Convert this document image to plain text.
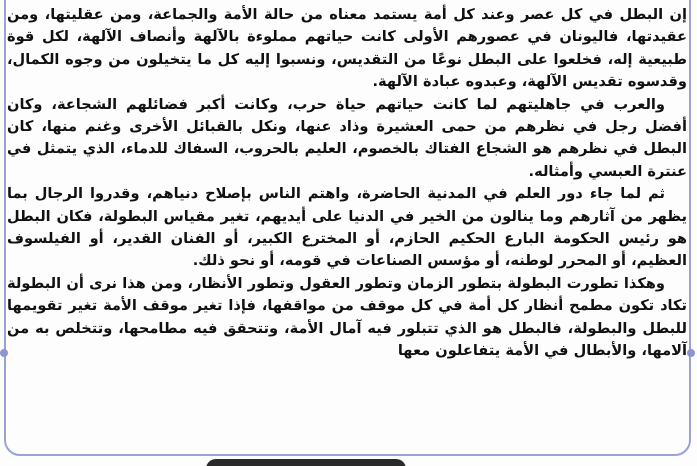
إن البطل في كل عصر وعند كل أمة يستمد معناه من حالة الأمة والجماعة، ومن عقليتها، ومن عقيدتها، فاليونان في عصورهم الأولى كانت حياتهم مملوءة بالآلهة وأنصاف الآلهة، لكل قوة طبيعية إله، فخلعوا على البطل نوعًا من التقديس، ونسبوا إليه كل ما يتخيلون من وجوه الكمال، وقدسوه تقديس الآلهة، وعبدوه عبادة الآلهة.

والعرب في جاهليتهم لما كانت حياتهم حياة حرب، وكانت أكبر فضائلهم الشجاعة، وكان أفضل رجل في نظرهم من حمى العشيرة وذاد عنها، ونكل بالقبائل الأخرى وغنم منها، كان البطل في نظرهم هو الشجاع الفتاك بالخصوم، العليم بالحروب، السفاك للدماء، الذي يتمثل في عنترة العبسي وأمثاله.

ثم لما جاء دور العلم في المدنية الحاضرة، واهتم الناس بإصلاح دنياهم، وقدروا الرجال بما يظهر من آثارهم وما ينالون من الخير في الدنيا على أيديهم، تغير مقياس البطولة، فكان البطل هو رئيس الحكومة البارع الحكيم الحازم، أو المخترع الكبير، أو الفنان القدير، أو الفيلسوف العظيم، أو المحرر لوطنه، أو مؤسس الصناعات في قومه، أو نحو ذلك.

وهكذا تطورت البطولة بتطور الزمان وتطور العقول وتطور الأنظار، ومن هذا نرى أن البطولة تكاد تكون مطمح أنظار كل أمة في كل موقف من مواقفها، فإذا تغير موقف الأمة تغير تقويمها للبطل والبطولة، فالبطل هو الذي تتبلور فيه آمال الأمة، وتتحقق فيه مطامحها، وتتخلص به من آلامها، والأبطال في الأمة يتفاعلون معها
